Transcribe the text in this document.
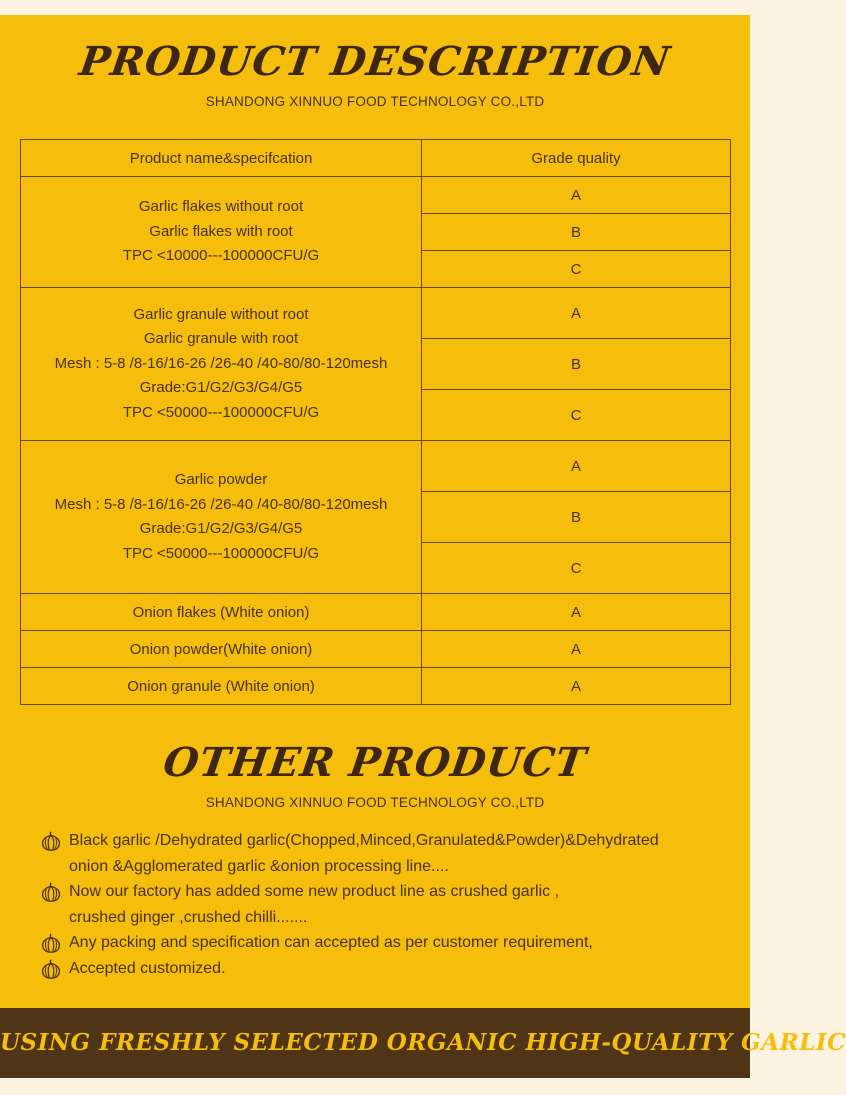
PRODUCT DESCRIPTION
SHANDONG XINNUO FOOD TECHNOLOGY CO.,LTD
Product name&specifcation	Grade quality

Garlic flakes without root
Garlic flakes with root
TPC <10000---100000CFU/G	A
	B
	C

Garlic granule without root
Garlic granule with root
Mesh : 5-8 /8-16/16-26 /26-40 /40-80/80-120mesh
Grade:G1/G2/G3/G4/G5
TPC <50000---100000CFU/G	A
	B
	C

Garlic powder
Mesh : 5-8 /8-16/16-26 /26-40 /40-80/80-120mesh
Grade:G1/G2/G3/G4/G5
TPC <50000---100000CFU/G	A
	B
	C
Onion flakes (White onion)	A
Onion powder(White onion)	A
Onion granule (White onion)	A
OTHER PRODUCT
SHANDONG XINNUO FOOD TECHNOLOGY CO.,LTD
Black garlic /Dehydrated garlic(Chopped,Minced,Granulated&Powder)&Dehydrated
onion &Agglomerated garlic &onion processing line....
Now our factory has added some new product line as crushed garlic ,
crushed ginger ,crushed chilli.......
Any packing and specification can accepted as per customer requirement,
Accepted customized.
USING FRESHLY SELECTED ORGANIC HIGH-QUALITY GARLIC
